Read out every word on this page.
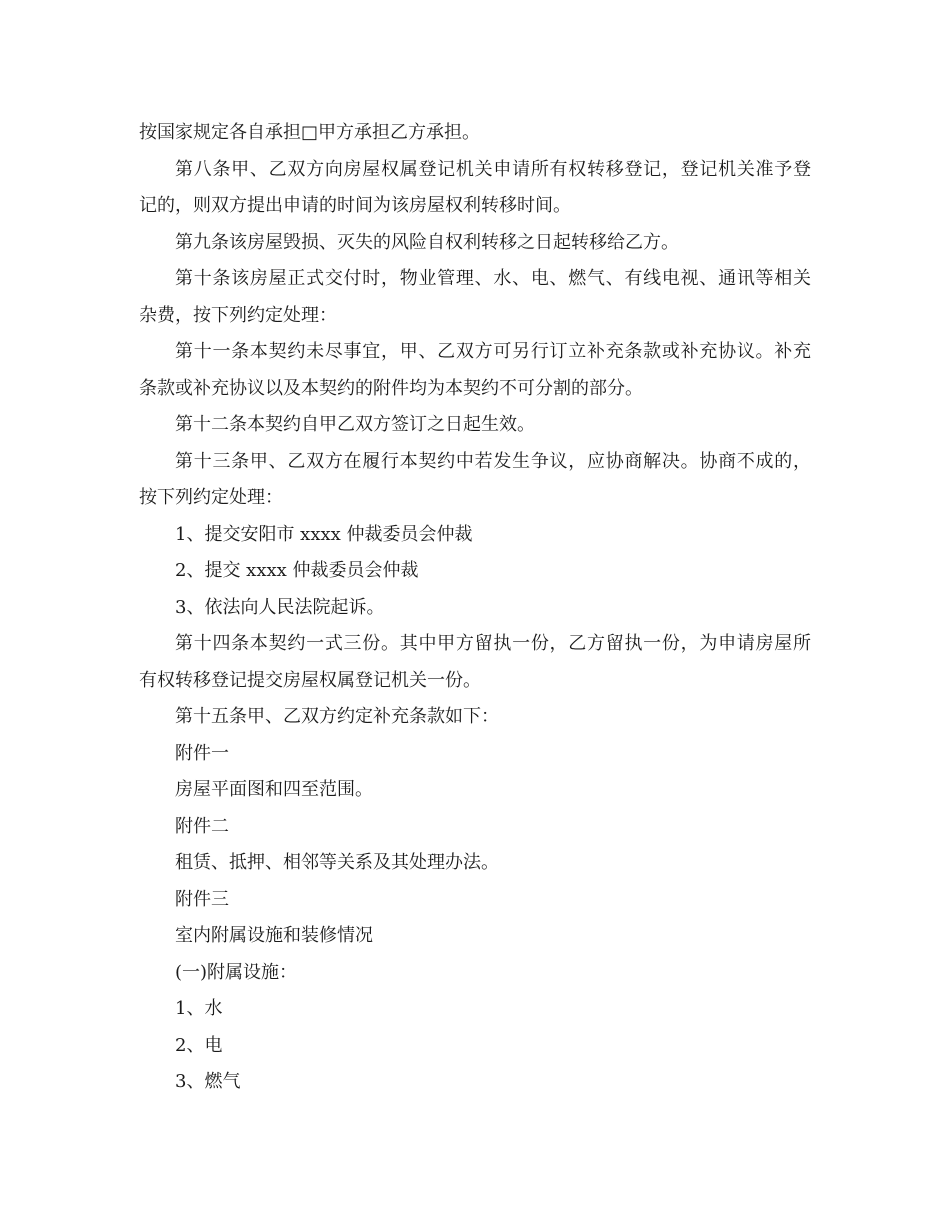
按国家规定各自承担□甲方承担乙方承担。

第八条甲、乙双方向房屋权属登记机关申请所有权转移登记，登记机关准予登
记的，则双方提出申请的时间为该房屋权利转移时间。

第九条该房屋毁损、灭失的风险自权利转移之日起转移给乙方。

第十条该房屋正式交付时，物业管理、水、电、燃气、有线电视、通讯等相关
杂费，按下列约定处理：

第十一条本契约未尽事宜，甲、乙双方可另行订立补充条款或补充协议。补充
条款或补充协议以及本契约的附件均为本契约不可分割的部分。

第十二条本契约自甲乙双方签订之日起生效。

第十三条甲、乙双方在履行本契约中若发生争议，应协商解决。协商不成的，
按下列约定处理：

1、提交安阳市 xxxx 仲裁委员会仲裁

2、提交 xxxx 仲裁委员会仲裁

3、依法向人民法院起诉。

第十四条本契约一式三份。其中甲方留执一份，乙方留执一份，为申请房屋所
有权转移登记提交房屋权属登记机关一份。

第十五条甲、乙双方约定补充条款如下：

附件一

房屋平面图和四至范围。

附件二

租赁、抵押、相邻等关系及其处理办法。

附件三

室内附属设施和装修情况

(一)附属设施：

1、水

2、电

3、燃气
